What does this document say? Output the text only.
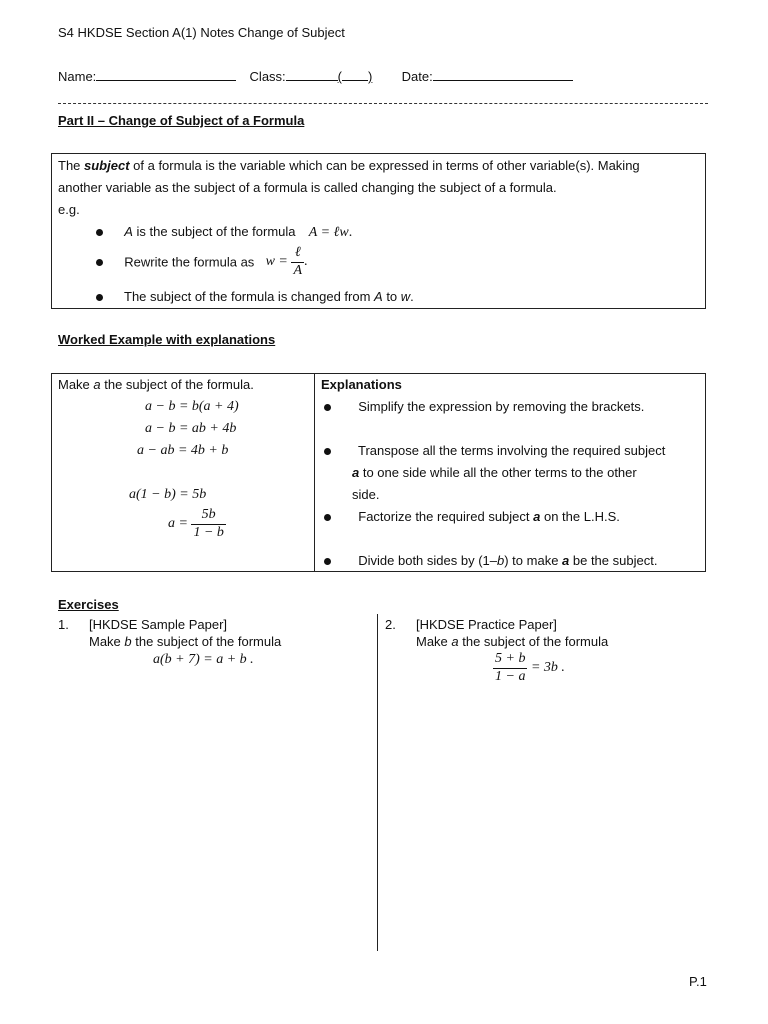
S4 HKDSE Section A(1) Notes Change of Subject
Name:	Class:	( ) Date:
Part II – Change of Subject of a Formula
The subject of a formula is the variable which can be expressed in terms of other variable(s). Making
another variable as the subject of a formula is called changing the subject of a formula.
e.g.
A is the subject of the formula A = ℓw.
Rewrite the formula as $w = \frac{\text{ℓ}}{A}$ .
The subject of the formula is changed from A to w.
Worked Example with explanations
Make a the subject of the formula.
a − b = b(a + 4)
a − b = ab + 4b
a − ab = 4b + b
a(1 − b) = 5b
$a = \frac{5b}{1 - b}$
Explanations
Simplify the expression by removing the brackets.
Transpose all the terms involving the required subject
a to one side while all the other terms to the other
side.
Factorize the required subject a on the L.H.S.
Divide both sides by (1–b) to make a be the subject.
Exercises
1. [HKDSE Sample Paper]
Make b the subject of the formula
a(b + 7) = a + b .
2. [HKDSE Practice Paper]
Make a the subject of the formula
$\frac{5 + b}{1 - a} = 3b$ .
P.1
